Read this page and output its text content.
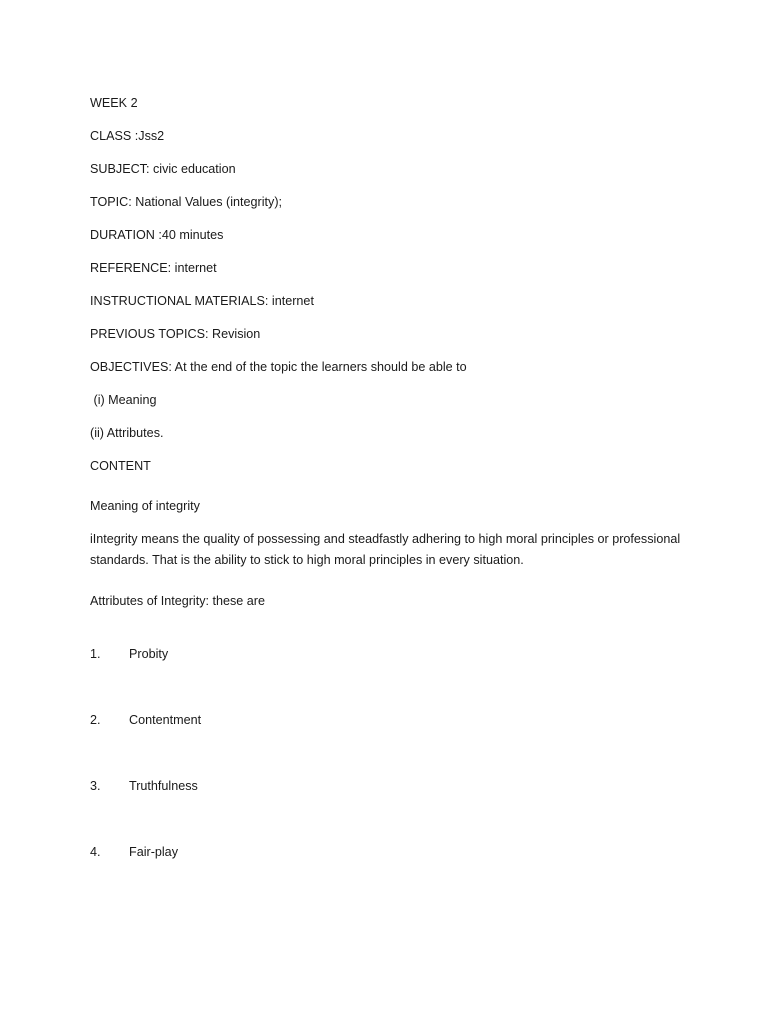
WEEK 2
CLASS :Jss2
SUBJECT: civic education
TOPIC: National Values (integrity);
DURATION :40 minutes
REFERENCE: internet
INSTRUCTIONAL MATERIALS: internet
PREVIOUS TOPICS: Revision
OBJECTIVES: At the end of the topic the learners should be able to
(i) Meaning
(ii) Attributes.
CONTENT
Meaning of integrity
iIntegrity means the quality of possessing and steadfastly adhering to high moral principles or professional standards. That is the ability to stick to high moral principles in every situation.
Attributes of Integrity: these are
1. Probity
2. Contentment
3. Truthfulness
4. Fair-play
